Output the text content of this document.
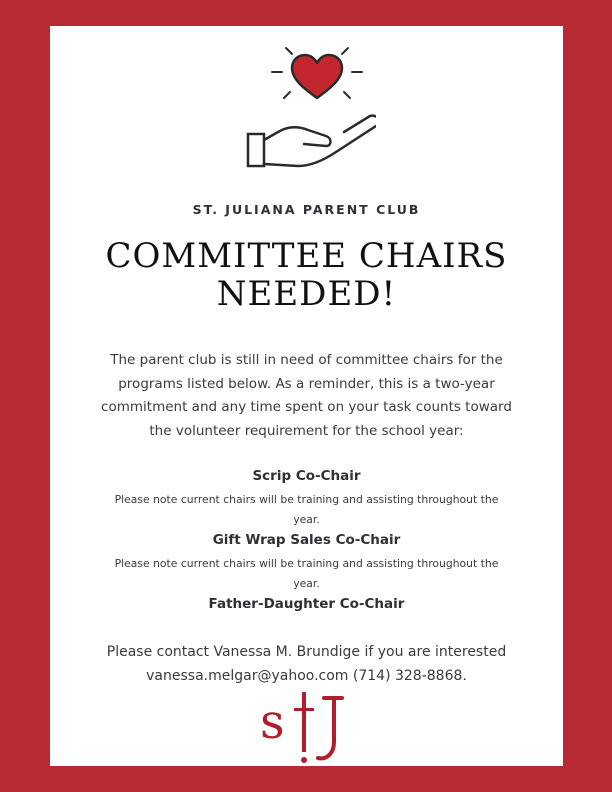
ST. JULIANA PARENT CLUB
COMMITTEE CHAIRS
NEEDED!
The parent club is still in need of committee chairs for the
programs listed below. As a reminder, this is a two-year
commitment and any time spent on your task counts toward
the volunteer requirement for the school year:
Scrip Co-Chair
Please note current chairs will be training and assisting throughout the
year.
Gift Wrap Sales Co-Chair
Please note current chairs will be training and assisting throughout the
year.
Father-Daughter Co-Chair
Please contact Vanessa M. Brundige if you are interested
vanessa.melgar@yahoo.com (714) 328-8868.
s
